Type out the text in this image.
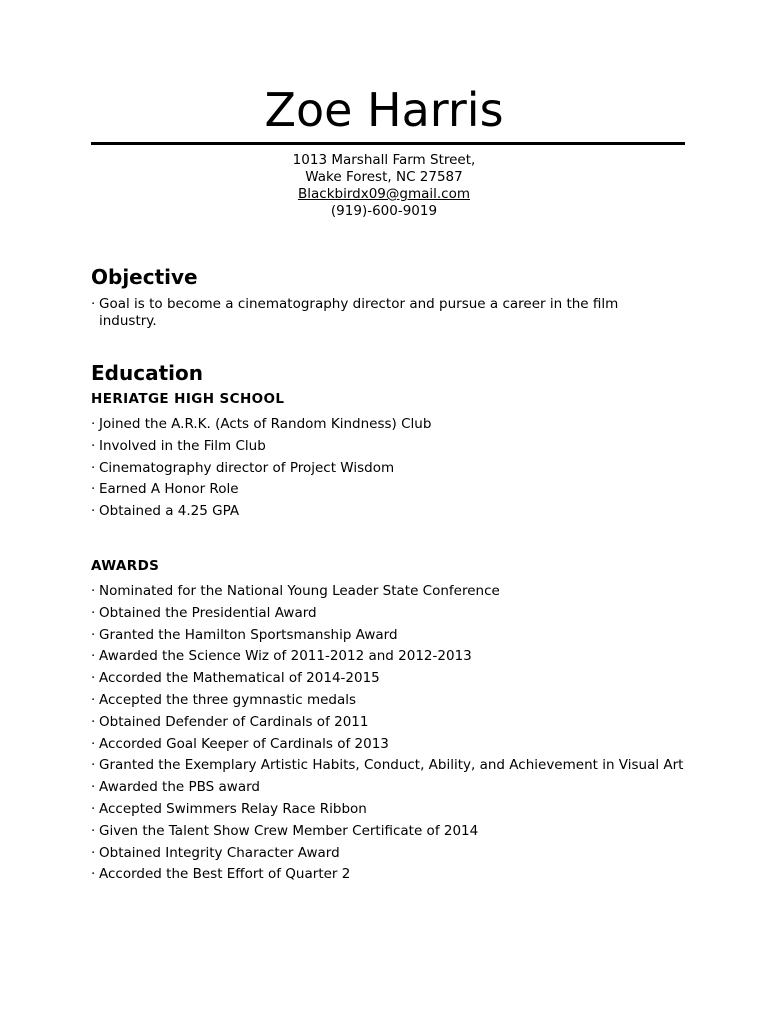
Zoe Harris
1013 Marshall Farm Street,
Wake Forest, NC 27587
Blackbirdx09@gmail.com
(919)-600-9019
Objective
· Goal is to become a cinematography director and pursue a career in the film industry.
Education
HERIATGE HIGH SCHOOL
· Joined the A.R.K. (Acts of Random Kindness) Club
· Involved in the Film Club
· Cinematography director of Project Wisdom
· Earned A Honor Role
· Obtained a 4.25 GPA
AWARDS
· Nominated for the National Young Leader State Conference
· Obtained the Presidential Award
· Granted the Hamilton Sportsmanship Award
· Awarded the Science Wiz of 2011-2012 and 2012-2013
· Accorded the Mathematical of 2014-2015
· Accepted the three gymnastic medals
· Obtained Defender of Cardinals of 2011
· Accorded Goal Keeper of Cardinals of 2013
· Granted the Exemplary Artistic Habits, Conduct, Ability, and Achievement in Visual Art
· Awarded the PBS award
· Accepted Swimmers Relay Race Ribbon
· Given the Talent Show Crew Member Certificate of 2014
· Obtained Integrity Character Award
· Accorded the Best Effort of Quarter 2
